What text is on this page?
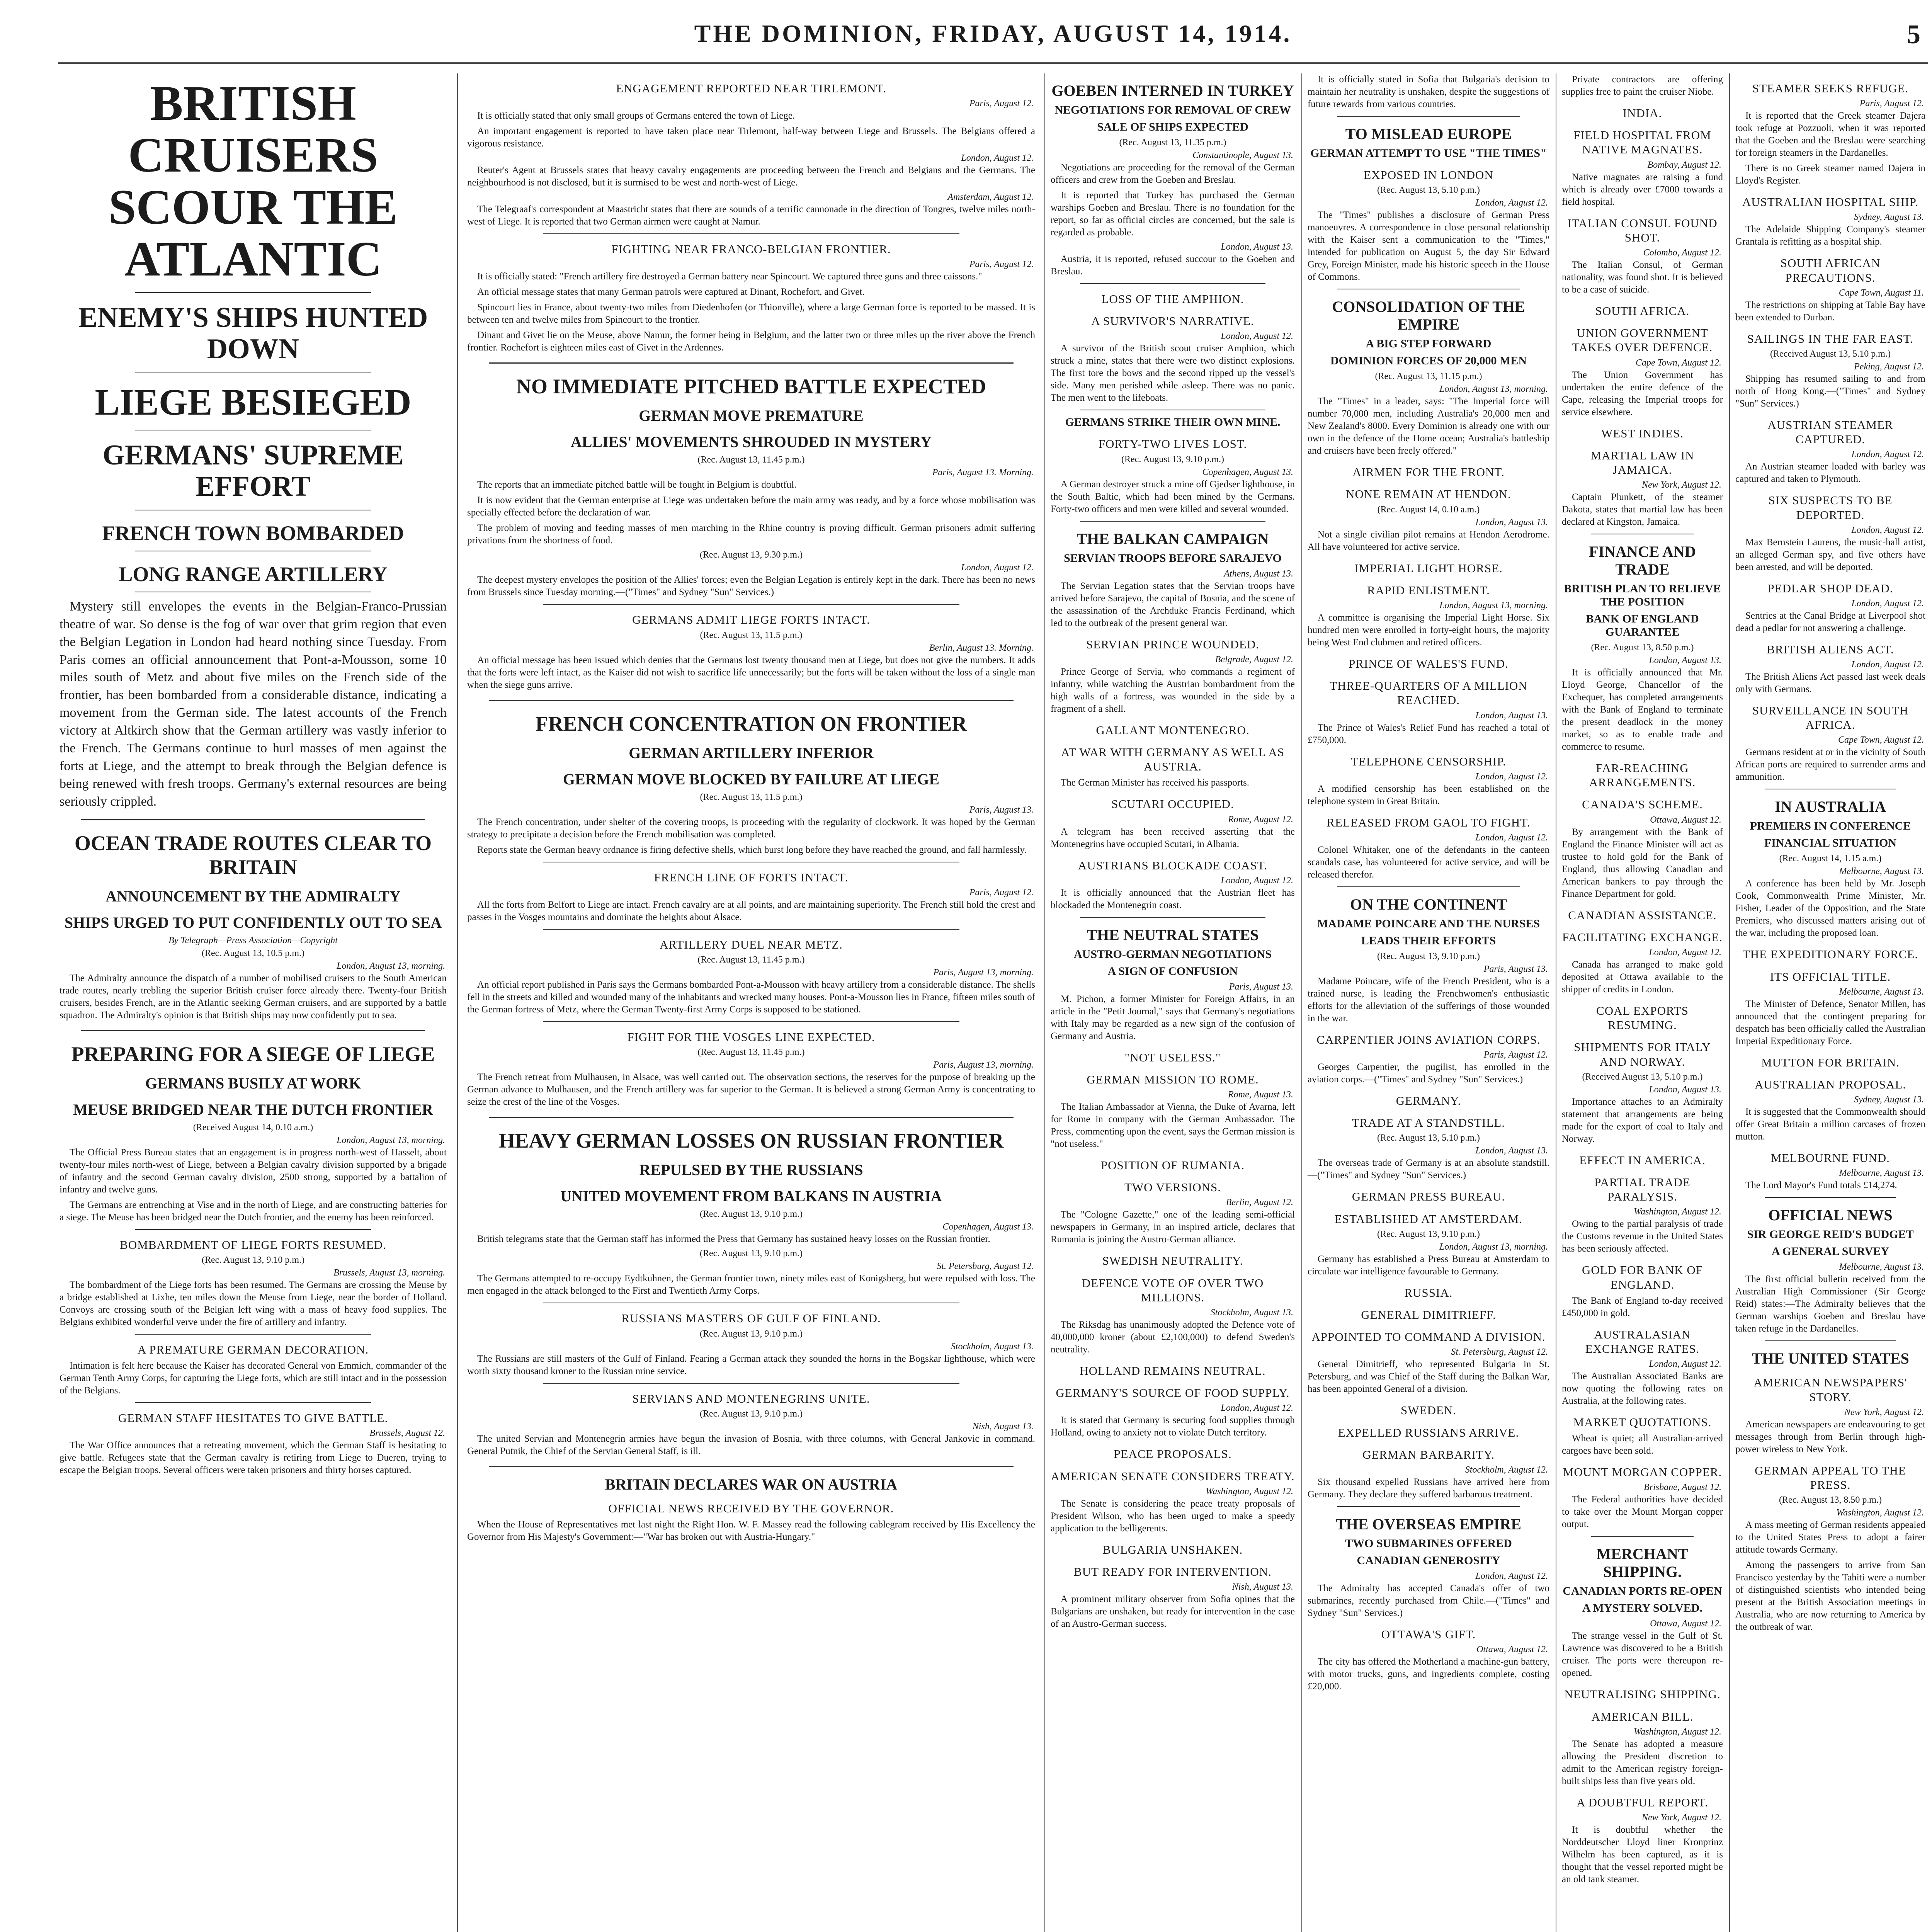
THE DOMINION, FRIDAY, AUGUST 14, 1914.	5
BRITISH CRUISERS SCOUR THE ATLANTIC
ENEMY'S SHIPS HUNTED DOWN
LIEGE BESIEGED
GERMANS' SUPREME EFFORT
FRENCH TOWN BOMBARDED
LONG RANGE ARTILLERY

Mystery still envelopes the events in the Belgian-Franco-Prussian theatre of war. So dense is the fog of war over that grim region that even the Belgian Legation in London had heard nothing since Tuesday. From Paris comes an official announcement that Pont-a-Mousson, some 10 miles south of Metz and about five miles on the French side of the frontier, has been bombarded from a considerable distance, indicating a movement from the German side. The latest accounts of the French victory at Altkirch show that the German artillery was vastly inferior to the French. The Germans continue to hurl masses of men against the forts at Liege, and the attempt to break through the Belgian defence is being renewed with fresh troops. Germany's external resources are being seriously crippled.

OCEAN TRADE ROUTES CLEAR TO BRITAIN
ANNOUNCEMENT BY THE ADMIRALTY
SHIPS URGED TO PUT CONFIDENTLY OUT TO SEA
By Telegraph—Press Association—Copyright
(Rec. August 13, 10.5 p.m.)
London, August 13, morning.

The Admiralty announce the dispatch of a number of mobilised cruisers to the South American trade routes, nearly trebling the superior British cruiser force already there. Twenty-four British cruisers, besides French, are in the Atlantic seeking German cruisers, and are supported by a battle squadron. The Admiralty's opinion is that British ships may now confidently put to sea.

PREPARING FOR A SIEGE OF LIEGE
GERMANS BUSILY AT WORK
MEUSE BRIDGED NEAR THE DUTCH FRONTIER
(Received August 14, 0.10 a.m.)
London, August 13, morning.

The Official Press Bureau states that an engagement is in progress north-west of Hasselt, about twenty-four miles north-west of Liege, between a Belgian cavalry division supported by a brigade of infantry and the second German cavalry division, 2500 strong, supported by a battalion of infantry and twelve guns.

The Germans are entrenching at Vise and in the north of Liege, and are constructing batteries for a siege. The Meuse has been bridged near the Dutch frontier, and the enemy has been reinforced.

BOMBARDMENT OF LIEGE FORTS RESUMED.
(Rec. August 13, 9.10 p.m.)
Brussels, August 13, morning.

The bombardment of the Liege forts has been resumed. The Germans are crossing the Meuse by a bridge established at Lixhe, ten miles down the Meuse from Liege, near the border of Holland. Convoys are crossing south of the Belgian left wing with a mass of heavy food supplies. The Belgians exhibited wonderful verve under the fire of artillery and infantry.

A PREMATURE GERMAN DECORATION.

Intimation is felt here because the Kaiser has decorated General von Emmich, commander of the German Tenth Army Corps, for capturing the Liege forts, which are still intact and in the possession of the Belgians.

GERMAN STAFF HESITATES TO GIVE BATTLE.
Brussels, August 12.

The War Office announces that a retreating movement, which the German Staff is hesitating to give battle. Refugees state that the German cavalry is retiring from Liege to Dueren, trying to escape the Belgian troops. Several officers were taken prisoners and thirty horses captured.

ENGAGEMENT REPORTED NEAR TIRLEMONT.
Paris, August 12.

It is officially stated that only small groups of Germans entered the town of Liege.

An important engagement is reported to have taken place near Tirlemont, half-way between Liege and Brussels. The Belgians offered a vigorous resistance.

London, August 12.

Reuter's Agent at Brussels states that heavy cavalry engagements are proceeding between the French and Belgians and the Germans. The neighbourhood is not disclosed, but it is surmised to be west and north-west of Liege.

Amsterdam, August 12.

The Telegraaf's correspondent at Maastricht states that there are sounds of a terrific cannonade in the direction of Tongres, twelve miles north-west of Liege. It is reported that two German airmen were caught at Namur.

FIGHTING NEAR FRANCO-BELGIAN FRONTIER.
Paris, August 12.

It is officially stated: "French artillery fire destroyed a German battery near Spincourt. We captured three guns and three caissons."

An official message states that many German patrols were captured at Dinant, Rochefort, and Givet.

Spincourt lies in France, about twenty-two miles from Diedenhofen (or Thionville), where a large German force is reported to be massed. It is between ten and twelve miles from Spincourt to the frontier.

Dinant and Givet lie on the Meuse, above Namur, the former being in Belgium, and the latter two or three miles up the river above the French frontier. Rochefort is eighteen miles east of Givet in the Ardennes.

NO IMMEDIATE PITCHED BATTLE EXPECTED
GERMAN MOVE PREMATURE
ALLIES' MOVEMENTS SHROUDED IN MYSTERY
(Rec. August 13, 11.45 p.m.)
Paris, August 13. Morning.

The reports that an immediate pitched battle will be fought in Belgium is doubtful.

It is now evident that the German enterprise at Liege was undertaken before the main army was ready, and by a force whose mobilisation was specially effected before the declaration of war.

The problem of moving and feeding masses of men marching in the Rhine country is proving difficult. German prisoners admit suffering privations from the shortness of food.

(Rec. August 13, 9.30 p.m.)
London, August 12.

The deepest mystery envelopes the position of the Allies' forces; even the Belgian Legation is entirely kept in the dark. There has been no news from Brussels since Tuesday morning.—("Times" and Sydney "Sun" Services.)

GERMANS ADMIT LIEGE FORTS INTACT.
(Rec. August 13, 11.5 p.m.)
Berlin, August 13. Morning.

An official message has been issued which denies that the Germans lost twenty thousand men at Liege, but does not give the numbers. It adds that the forts were left intact, as the Kaiser did not wish to sacrifice life unnecessarily; but the forts will be taken without the loss of a single man when the siege guns arrive.

FRENCH CONCENTRATION ON FRONTIER
GERMAN ARTILLERY INFERIOR
GERMAN MOVE BLOCKED BY FAILURE AT LIEGE
(Rec. August 13, 11.5 p.m.)
Paris, August 13.

The French concentration, under shelter of the covering troops, is proceeding with the regularity of clockwork. It was hoped by the German strategy to precipitate a decision before the French mobilisation was completed.

Reports state the German heavy ordnance is firing defective shells, which burst long before they have reached the ground, and fall harmlessly.

FRENCH LINE OF FORTS INTACT.
Paris, August 12.

All the forts from Belfort to Liege are intact. French cavalry are at all points, and are maintaining superiority. The French still hold the crest and passes in the Vosges mountains and dominate the heights about Alsace.

ARTILLERY DUEL NEAR METZ.
(Rec. August 13, 11.45 p.m.)
Paris, August 13, morning.

An official report published in Paris says the Germans bombarded Pont-a-Mousson with heavy artillery from a considerable distance. The shells fell in the streets and killed and wounded many of the inhabitants and wrecked many houses. Pont-a-Mousson lies in France, fifteen miles south of the German fortress of Metz, where the German Twenty-first Army Corps is supposed to be stationed.

FIGHT FOR THE VOSGES LINE EXPECTED.
(Rec. August 13, 11.45 p.m.)
Paris, August 13, morning.

The French retreat from Mulhausen, in Alsace, was well carried out. The observation sections, the reserves for the purpose of breaking up the German advance to Mulhausen, and the French artillery was far superior to the German. It is believed a strong German Army is concentrating to seize the crest of the line of the Vosges.

HEAVY GERMAN LOSSES ON RUSSIAN FRONTIER
REPULSED BY THE RUSSIANS
UNITED MOVEMENT FROM BALKANS IN AUSTRIA
(Rec. August 13, 9.10 p.m.)
Copenhagen, August 13.

British telegrams state that the German staff has informed the Press that Germany has sustained heavy losses on the Russian frontier.

(Rec. August 13, 9.10 p.m.)
St. Petersburg, August 12.

The Germans attempted to re-occupy Eydtkuhnen, the German frontier town, ninety miles east of Konigsberg, but were repulsed with loss. The men engaged in the attack belonged to the First and Twentieth Army Corps.

RUSSIANS MASTERS OF GULF OF FINLAND.
(Rec. August 13, 9.10 p.m.)
Stockholm, August 13.

The Russians are still masters of the Gulf of Finland. Fearing a German attack they sounded the horns in the Bogskar lighthouse, which were worth sixty thousand kroner to the Russian mine service.

SERVIANS AND MONTENEGRINS UNITE.
(Rec. August 13, 9.10 p.m.)
Nish, August 13.

The united Servian and Montenegrin armies have begun the invasion of Bosnia, with three columns, with General Jankovic in command. General Putnik, the Chief of the Servian General Staff, is ill.

BRITAIN DECLARES WAR ON AUSTRIA
OFFICIAL NEWS RECEIVED BY THE GOVERNOR.

When the House of Representatives met last night the Right Hon. W. F. Massey read the following cablegram received by His Excellency the Governor from His Majesty's Government:—"War has broken out with Austria-Hungary."

GOEBEN INTERNED IN TURKEY
NEGOTIATIONS FOR REMOVAL OF CREW
SALE OF SHIPS EXPECTED
(Rec. August 13, 11.35 p.m.)
Constantinople, August 13.

Negotiations are proceeding for the removal of the German officers and crew from the Goeben and Breslau.

It is reported that Turkey has purchased the German warships Goeben and Breslau. There is no foundation for the report, so far as official circles are concerned, but the sale is regarded as probable.

London, August 13.

Austria, it is reported, refused succour to the Goeben and Breslau.

LOSS OF THE AMPHION.
A SURVIVOR'S NARRATIVE.
London, August 12.

A survivor of the British scout cruiser Amphion, which struck a mine, states that there were two distinct explosions. The first tore the bows and the second ripped up the vessel's side. Many men perished while asleep. There was no panic. The men went to the lifeboats.

GERMANS STRIKE THEIR OWN MINE.
FORTY-TWO LIVES LOST.
(Rec. August 13, 9.10 p.m.)
Copenhagen, August 13.

A German destroyer struck a mine off Gjedser lighthouse, in the South Baltic, which had been mined by the Germans. Forty-two officers and men were killed and several wounded.

THE BALKAN CAMPAIGN
SERVIAN TROOPS BEFORE SARAJEVO
Athens, August 13.

The Servian Legation states that the Servian troops have arrived before Sarajevo, the capital of Bosnia, and the scene of the assassination of the Archduke Francis Ferdinand, which led to the outbreak of the present general war.

SERVIAN PRINCE WOUNDED.
Belgrade, August 12.

Prince George of Servia, who commands a regiment of infantry, while watching the Austrian bombardment from the high walls of a fortress, was wounded in the side by a fragment of a shell.

GALLANT MONTENEGRO.
AT WAR WITH GERMANY AS WELL AS AUSTRIA.

The German Minister has received his passports.

SCUTARI OCCUPIED.
Rome, August 12.

A telegram has been received asserting that the Montenegrins have occupied Scutari, in Albania.

AUSTRIANS BLOCKADE COAST.
London, August 12.

It is officially announced that the Austrian fleet has blockaded the Montenegrin coast.

THE NEUTRAL STATES
AUSTRO-GERMAN NEGOTIATIONS
A SIGN OF CONFUSION
Paris, August 13.

M. Pichon, a former Minister for Foreign Affairs, in an article in the "Petit Journal," says that Germany's negotiations with Italy may be regarded as a new sign of the confusion of Germany and Austria.

"NOT USELESS."
GERMAN MISSION TO ROME.
Rome, August 13.

The Italian Ambassador at Vienna, the Duke of Avarna, left for Rome in company with the German Ambassador. The Press, commenting upon the event, says the German mission is "not useless."

POSITION OF RUMANIA.
TWO VERSIONS.
Berlin, August 12.

The "Cologne Gazette," one of the leading semi-official newspapers in Germany, in an inspired article, declares that Rumania is joining the Austro-German alliance.

SWEDISH NEUTRALITY.
DEFENCE VOTE OF OVER TWO MILLIONS.
Stockholm, August 13.

The Riksdag has unanimously adopted the Defence vote of 40,000,000 kroner (about £2,100,000) to defend Sweden's neutrality.

HOLLAND REMAINS NEUTRAL.
GERMANY'S SOURCE OF FOOD SUPPLY.
London, August 12.

It is stated that Germany is securing food supplies through Holland, owing to anxiety not to violate Dutch territory.

PEACE PROPOSALS.
AMERICAN SENATE CONSIDERS TREATY.
Washington, August 12.

The Senate is considering the peace treaty proposals of President Wilson, who has been urged to make a speedy application to the belligerents.

BULGARIA UNSHAKEN.
BUT READY FOR INTERVENTION.
Nish, August 13.

A prominent military observer from Sofia opines that the Bulgarians are unshaken, but ready for intervention in the case of an Austro-German success.

It is officially stated in Sofia that Bulgaria's decision to maintain her neutrality is unshaken, despite the suggestions of future rewards from various countries.

TO MISLEAD EUROPE
GERMAN ATTEMPT TO USE "THE TIMES"
EXPOSED IN LONDON
(Rec. August 13, 5.10 p.m.)
London, August 12.

The "Times" publishes a disclosure of German Press manoeuvres. A correspondence in close personal relationship with the Kaiser sent a communication to the "Times," intended for publication on August 5, the day Sir Edward Grey, Foreign Minister, made his historic speech in the House of Commons.

CONSOLIDATION OF THE EMPIRE
A BIG STEP FORWARD
DOMINION FORCES OF 20,000 MEN
(Rec. August 13, 11.15 p.m.)
London, August 13, morning.

The "Times" in a leader, says: "The Imperial force will number 70,000 men, including Australia's 20,000 men and New Zealand's 8000. Every Dominion is already one with our own in the defence of the Home ocean; Australia's battleship and cruisers have been freely offered."

AIRMEN FOR THE FRONT.
NONE REMAIN AT HENDON.
(Rec. August 14, 0.10 a.m.)
London, August 13.

Not a single civilian pilot remains at Hendon Aerodrome. All have volunteered for active service.

IMPERIAL LIGHT HORSE.
RAPID ENLISTMENT.
London, August 13, morning.

A committee is organising the Imperial Light Horse. Six hundred men were enrolled in forty-eight hours, the majority being West End clubmen and retired officers.

PRINCE OF WALES'S FUND.
THREE-QUARTERS OF A MILLION REACHED.
London, August 13.

The Prince of Wales's Relief Fund has reached a total of £750,000.

TELEPHONE CENSORSHIP.
London, August 12.

A modified censorship has been established on the telephone system in Great Britain.

RELEASED FROM GAOL TO FIGHT.
London, August 12.

Colonel Whitaker, one of the defendants in the canteen scandals case, has volunteered for active service, and will be released therefor.

ON THE CONTINENT
MADAME POINCARE AND THE NURSES
LEADS THEIR EFFORTS
(Rec. August 13, 9.10 p.m.)
Paris, August 13.

Madame Poincare, wife of the French President, who is a trained nurse, is leading the Frenchwomen's enthusiastic efforts for the alleviation of the sufferings of those wounded in the war.

CARPENTIER JOINS AVIATION CORPS.
Paris, August 12.

Georges Carpentier, the pugilist, has enrolled in the aviation corps.—("Times" and Sydney "Sun" Services.)

GERMANY.
TRADE AT A STANDSTILL.
(Rec. August 13, 5.10 p.m.)
London, August 13.

The overseas trade of Germany is at an absolute standstill.—("Times" and Sydney "Sun" Services.)

GERMAN PRESS BUREAU.
ESTABLISHED AT AMSTERDAM.
(Rec. August 13, 9.10 p.m.)
London, August 13, morning.

Germany has established a Press Bureau at Amsterdam to circulate war intelligence favourable to Germany.

RUSSIA.
GENERAL DIMITRIEFF.
APPOINTED TO COMMAND A DIVISION.
St. Petersburg, August 12.

General Dimitrieff, who represented Bulgaria in St. Petersburg, and was Chief of the Staff during the Balkan War, has been appointed General of a division.

SWEDEN.
EXPELLED RUSSIANS ARRIVE.
GERMAN BARBARITY.
Stockholm, August 12.

Six thousand expelled Russians have arrived here from Germany. They declare they suffered barbarous treatment.

THE OVERSEAS EMPIRE
TWO SUBMARINES OFFERED
CANADIAN GENEROSITY
London, August 12.

The Admiralty has accepted Canada's offer of two submarines, recently purchased from Chile.—("Times" and Sydney "Sun" Services.)

OTTAWA'S GIFT.
Ottawa, August 12.

The city has offered the Motherland a machine-gun battery, with motor trucks, guns, and ingredients complete, costing £20,000.

Private contractors are offering supplies free to paint the cruiser Niobe.

INDIA.
FIELD HOSPITAL FROM NATIVE MAGNATES.
Bombay, August 12.

Native magnates are raising a fund which is already over £7000 towards a field hospital.

ITALIAN CONSUL FOUND SHOT.
Colombo, August 12.

The Italian Consul, of German nationality, was found shot. It is believed to be a case of suicide.

SOUTH AFRICA.
UNION GOVERNMENT TAKES OVER DEFENCE.
Cape Town, August 12.

The Union Government has undertaken the entire defence of the Cape, releasing the Imperial troops for service elsewhere.

WEST INDIES.
MARTIAL LAW IN JAMAICA.
New York, August 12.

Captain Plunkett, of the steamer Dakota, states that martial law has been declared at Kingston, Jamaica.

FINANCE AND TRADE
BRITISH PLAN TO RELIEVE THE POSITION
BANK OF ENGLAND GUARANTEE
(Rec. August 13, 8.50 p.m.)
London, August 13.

It is officially announced that Mr. Lloyd George, Chancellor of the Exchequer, has completed arrangements with the Bank of England to terminate the present deadlock in the money market, so as to enable trade and commerce to resume.

FAR-REACHING ARRANGEMENTS.
CANADA'S SCHEME.
Ottawa, August 12.

By arrangement with the Bank of England the Finance Minister will act as trustee to hold gold for the Bank of England, thus allowing Canadian and American bankers to pay through the Finance Department for gold.

CANADIAN ASSISTANCE.
FACILITATING EXCHANGE.
London, August 12.

Canada has arranged to make gold deposited at Ottawa available to the shipper of credits in London.

COAL EXPORTS RESUMING.
SHIPMENTS FOR ITALY AND NORWAY.
(Received August 13, 5.10 p.m.)
London, August 13.

Importance attaches to an Admiralty statement that arrangements are being made for the export of coal to Italy and Norway.

EFFECT IN AMERICA.
PARTIAL TRADE PARALYSIS.
Washington, August 12.

Owing to the partial paralysis of trade the Customs revenue in the United States has been seriously affected.

GOLD FOR BANK OF ENGLAND.

The Bank of England to-day received £450,000 in gold.

AUSTRALASIAN EXCHANGE RATES.
London, August 12.

The Australian Associated Banks are now quoting the following rates on Australia, at the following rates.

MARKET QUOTATIONS.

Wheat is quiet; all Australian-arrived cargoes have been sold.

MOUNT MORGAN COPPER.
Brisbane, August 12.

The Federal authorities have decided to take over the Mount Morgan copper output.

MERCHANT SHIPPING.
CANADIAN PORTS RE-OPEN
A MYSTERY SOLVED.
Ottawa, August 12.

The strange vessel in the Gulf of St. Lawrence was discovered to be a British cruiser. The ports were thereupon re-opened.

NEUTRALISING SHIPPING.
AMERICAN BILL.
Washington, August 12.

The Senate has adopted a measure allowing the President discretion to admit to the American registry foreign-built ships less than five years old.

A DOUBTFUL REPORT.
New York, August 12.

It is doubtful whether the Norddeutscher Lloyd liner Kronprinz Wilhelm has been captured, as it is thought that the vessel reported might be an old tank steamer.

STEAMER SEEKS REFUGE.
Paris, August 12.

It is reported that the Greek steamer Dajera took refuge at Pozzuoli, when it was reported that the Goeben and the Breslau were searching for foreign steamers in the Dardanelles.

There is no Greek steamer named Dajera in Lloyd's Register.

AUSTRALIAN HOSPITAL SHIP.
Sydney, August 13.

The Adelaide Shipping Company's steamer Grantala is refitting as a hospital ship.

SOUTH AFRICAN PRECAUTIONS.
Cape Town, August 11.

The restrictions on shipping at Table Bay have been extended to Durban.

SAILINGS IN THE FAR EAST.
(Received August 13, 5.10 p.m.)
Peking, August 12.

Shipping has resumed sailing to and from north of Hong Kong.—("Times" and Sydney "Sun" Services.)

AUSTRIAN STEAMER CAPTURED.
London, August 12.

An Austrian steamer loaded with barley was captured and taken to Plymouth.

SIX SUSPECTS TO BE DEPORTED.
London, August 12.

Max Bernstein Laurens, the music-hall artist, an alleged German spy, and five others have been arrested, and will be deported.

PEDLAR SHOP DEAD.
London, August 12.

Sentries at the Canal Bridge at Liverpool shot dead a pedlar for not answering a challenge.

BRITISH ALIENS ACT.
London, August 12.

The British Aliens Act passed last week deals only with Germans.

SURVEILLANCE IN SOUTH AFRICA.
Cape Town, August 12.

Germans resident at or in the vicinity of South African ports are required to surrender arms and ammunition.

IN AUSTRALIA
PREMIERS IN CONFERENCE
FINANCIAL SITUATION
(Rec. August 14, 1.15 a.m.)
Melbourne, August 13.

A conference has been held by Mr. Joseph Cook, Commonwealth Prime Minister, Mr. Fisher, Leader of the Opposition, and the State Premiers, who discussed matters arising out of the war, including the proposed loan.

THE EXPEDITIONARY FORCE.
ITS OFFICIAL TITLE.
Melbourne, August 13.

The Minister of Defence, Senator Millen, has announced that the contingent preparing for despatch has been officially called the Australian Imperial Expeditionary Force.

MUTTON FOR BRITAIN.
AUSTRALIAN PROPOSAL.
Sydney, August 13.

It is suggested that the Commonwealth should offer Great Britain a million carcases of frozen mutton.

MELBOURNE FUND.
Melbourne, August 13.

The Lord Mayor's Fund totals £14,274.

OFFICIAL NEWS
SIR GEORGE REID'S BUDGET
A GENERAL SURVEY
Melbourne, August 13.

The first official bulletin received from the Australian High Commissioner (Sir George Reid) states:—The Admiralty believes that the German warships Goeben and Breslau have taken refuge in the Dardanelles.

THE UNITED STATES
AMERICAN NEWSPAPERS' STORY.
New York, August 12.

American newspapers are endeavouring to get messages through from Berlin through high-power wireless to New York.

GERMAN APPEAL TO THE PRESS.
(Rec. August 13, 8.50 p.m.)
Washington, August 12.

A mass meeting of German residents appealed to the United States Press to adopt a fairer attitude towards Germany.

Among the passengers to arrive from San Francisco yesterday by the Tahiti were a number of distinguished scientists who intended being present at the British Association meetings in Australia, who are now returning to America by the outbreak of war.
